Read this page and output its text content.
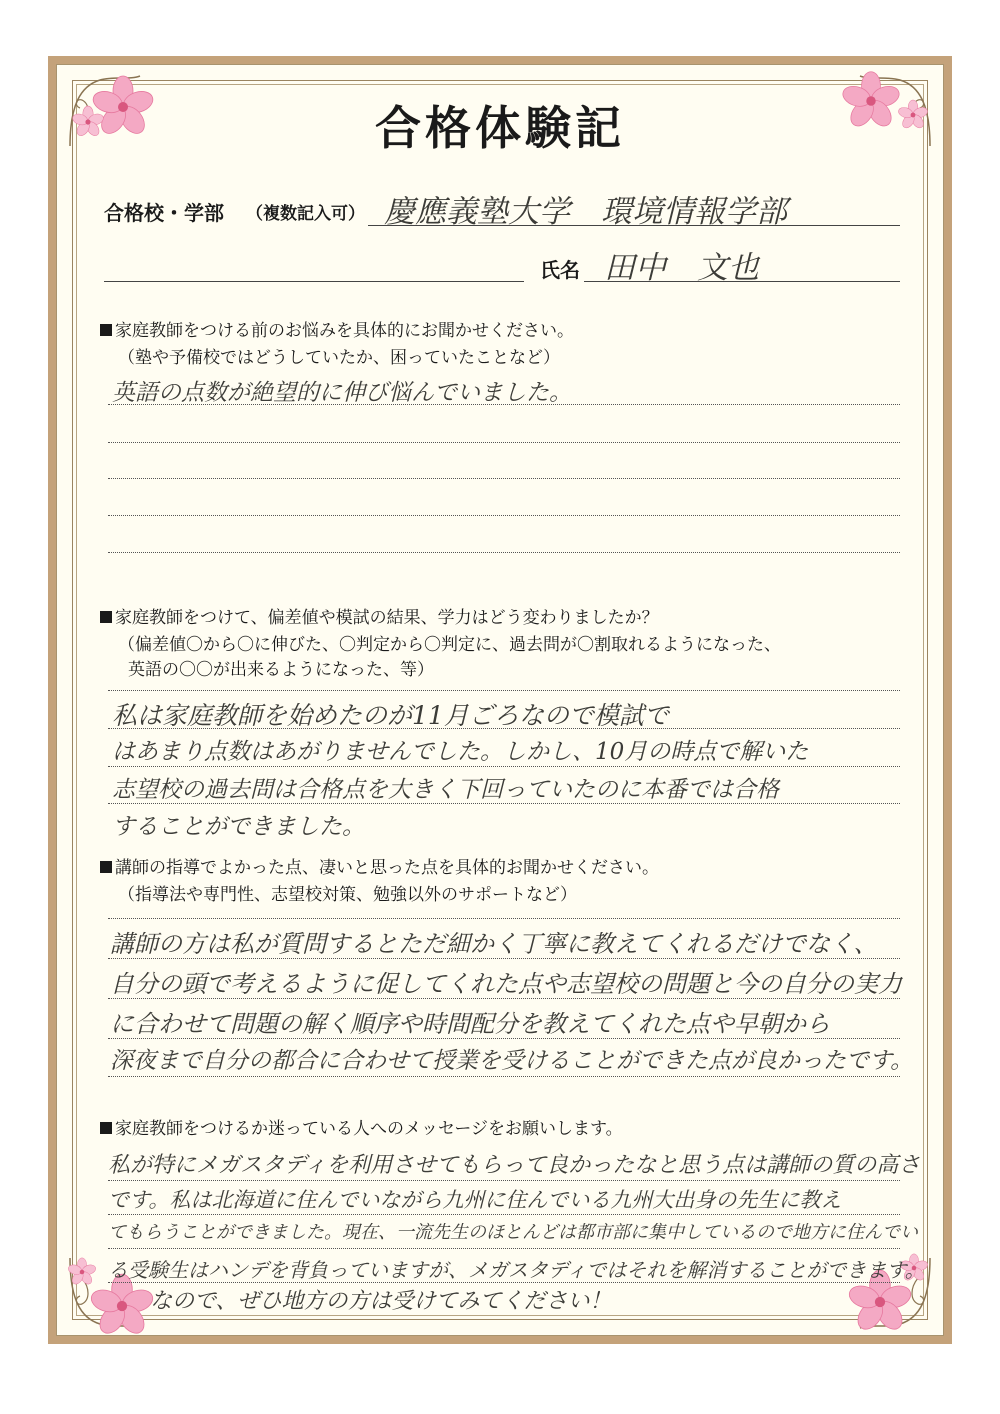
合格体験記
合格校・学部 （複数記入可） 慶應義塾大学　環境情報学部
氏名 田中　文也
家庭教師をつける前のお悩みを具体的にお聞かせください。
（塾や予備校ではどうしていたか、困っていたことなど）
英語の点数が絶望的に伸び悩んでいました。
家庭教師をつけて、偏差値や模試の結果、学力はどう変わりましたか？
（偏差値〇から〇に伸びた、〇判定から〇判定に、過去問が〇割取れるようになった、
英語の〇〇が出来るようになった、等）
私は家庭教師を始めたのが11月ごろなので模試で
はあまり点数はあがりませんでした。しかし、10月の時点で解いた
志望校の過去問は合格点を大きく下回っていたのに本番では合格
することができました。
講師の指導でよかった点、凄いと思った点を具体的お聞かせください。
（指導法や専門性、志望校対策、勉強以外のサポートなど）
講師の方は私が質問するとただ細かく丁寧に教えてくれるだけでなく、
自分の頭で考えるように促してくれた点や志望校の問題と今の自分の実力
に合わせて問題の解く順序や時間配分を教えてくれた点や早朝から
深夜まで自分の都合に合わせて授業を受けることができた点が良かったです。
家庭教師をつけるか迷っている人へのメッセージをお願いします。
私が特にメガスタディを利用させてもらって良かったなと思う点は講師の質の高さ
です。私は北海道に住んでいながら九州に住んでいる九州大出身の先生に教え
てもらうことができました。現在、一流先生のほとんどは都市部に集中しているので地方に住んでい
る受験生はハンデを背負っていますが、メガスタディではそれを解消することができます。
なので、ぜひ地方の方は受けてみてください！
